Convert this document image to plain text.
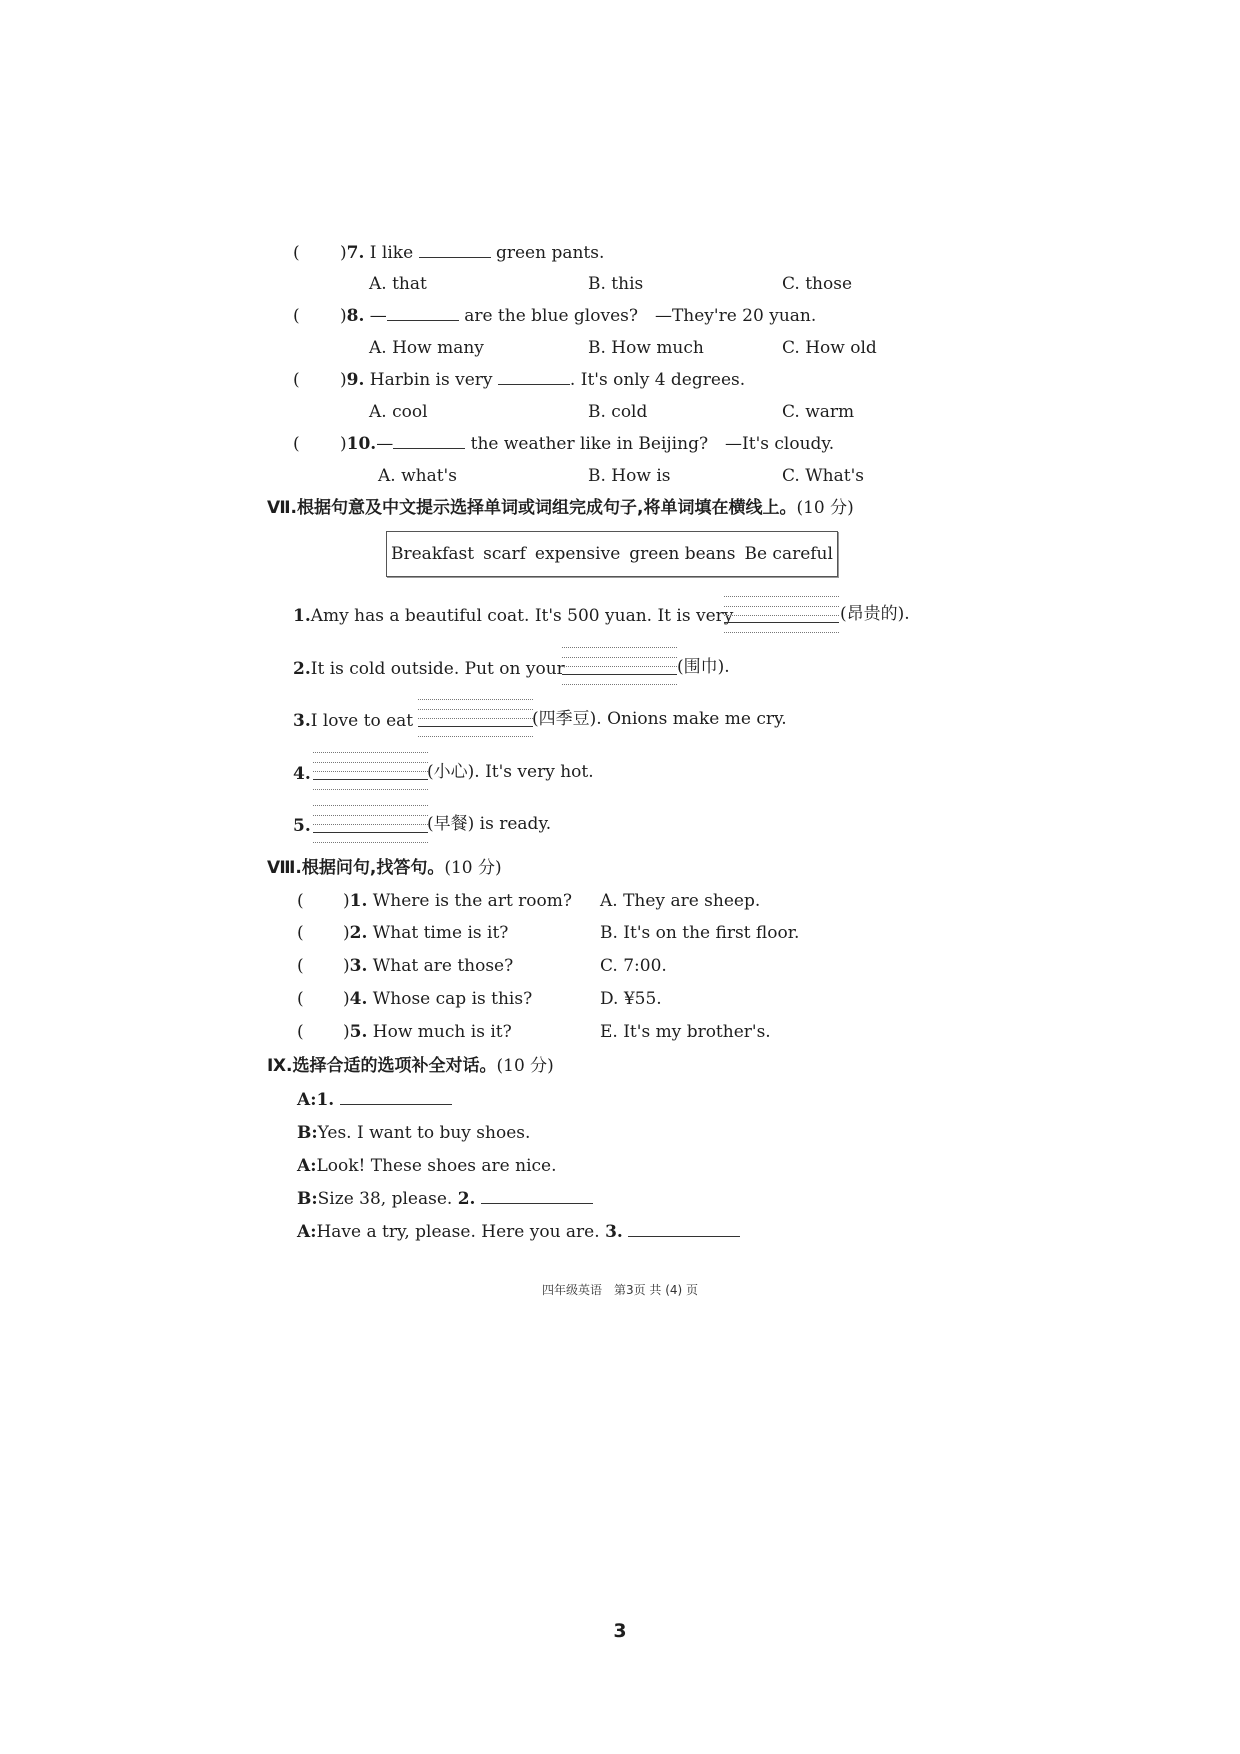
( )7. I like	green pants.
A. that	B. this	C. those
( )8. —	are the blue gloves?　—They're 20 yuan.
A. How many	B. How much	C. How old
( )9. Harbin is very	. It's only 4 degrees.
A. cool	B. cold	C. warm
( )10.—	the weather like in Beijing?　—It's cloudy.
A. what's	B. How is	C. What's
Ⅶ.根据句意及中文提示选择单词或词组完成句子,将单词填在横线上。(10 分)
Breakfast scarf expensive green beans Be careful
1.Amy has a beautiful coat. It's 500 yuan. It is very	(昂贵的).
2.It is cold outside. Put on your	(围巾).
3.I love to eat	(四季豆). Onions make me cry.
4.	(小心). It's very hot.
5.	(早餐) is ready.
Ⅷ.根据问句,找答句。(10 分)
( )1. Where is the art room? A. They are sheep.
( )2. What time is it?	B. It's on the first floor.
( )3. What are those?	C. 7:00.
( )4. Whose cap is this?	D. ¥55.
( )5. How much is it?	E. It's my brother's.
Ⅸ.选择合适的选项补全对话。(10 分)
A:1.
B:Yes. I want to buy shoes.
A:Look! These shoes are nice.
B:Size 38, please. 2.
A:Have a try, please. Here you are. 3.
四年级英语　第3页 共 (4) 页
3
